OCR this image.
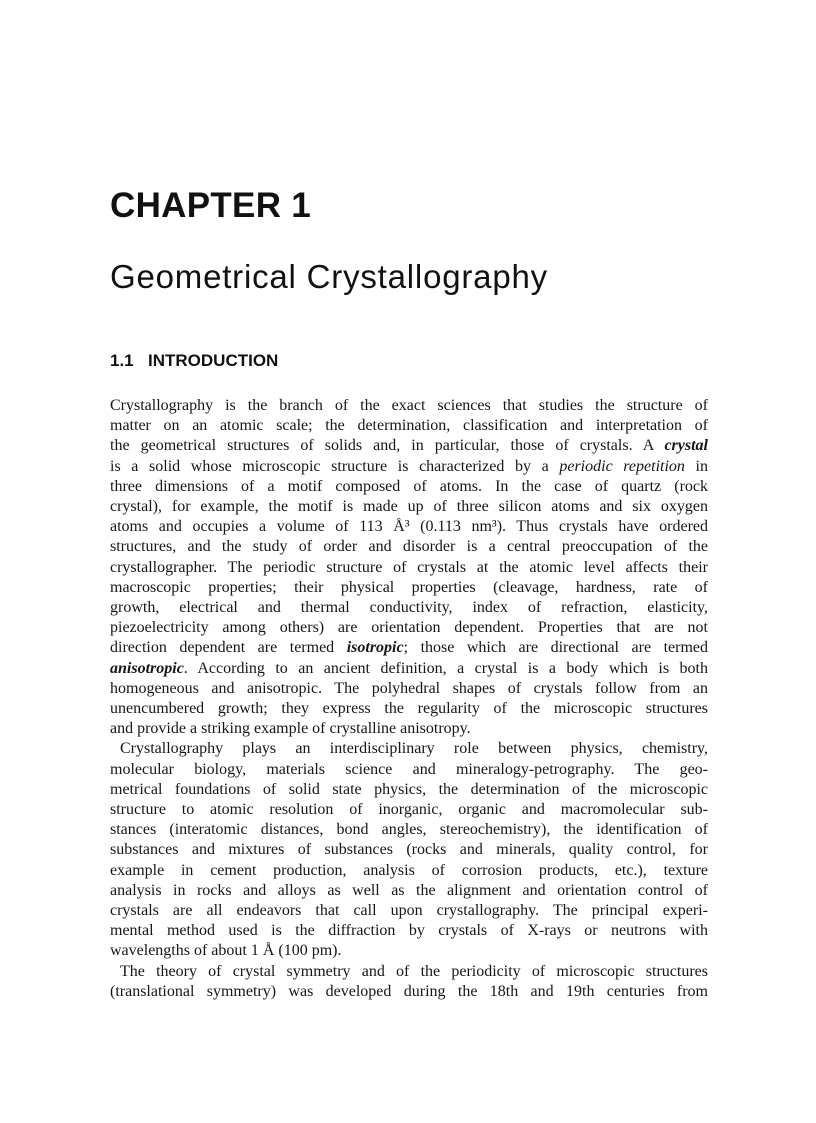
CHAPTER 1
Geometrical Crystallography
1.1 INTRODUCTION

Crystallography is the branch of the exact sciences that studies the structure of
matter on an atomic scale; the determination, classification and interpretation of
the geometrical structures of solids and, in particular, those of crystals. A crystal
is a solid whose microscopic structure is characterized by a periodic repetition in
three dimensions of a motif composed of atoms. In the case of quartz (rock
crystal), for example, the motif is made up of three silicon atoms and six oxygen
atoms and occupies a volume of 113 Å³ (0.113 nm³). Thus crystals have ordered
structures, and the study of order and disorder is a central preoccupation of the
crystallographer. The periodic structure of crystals at the atomic level affects their
macroscopic properties; their physical properties (cleavage, hardness, rate of
growth, electrical and thermal conductivity, index of refraction, elasticity,
piezoelectricity among others) are orientation dependent. Properties that are not
direction dependent are termed isotropic; those which are directional are termed
anisotropic. According to an ancient definition, a crystal is a body which is both
homogeneous and anisotropic. The polyhedral shapes of crystals follow from an
unencumbered growth; they express the regularity of the microscopic structures
and provide a striking example of crystalline anisotropy.

Crystallography plays an interdisciplinary role between physics, chemistry,
molecular biology, materials science and mineralogy-petrography. The geo-
metrical foundations of solid state physics, the determination of the microscopic
structure to atomic resolution of inorganic, organic and macromolecular sub-
stances (interatomic distances, bond angles, stereochemistry), the identification of
substances and mixtures of substances (rocks and minerals, quality control, for
example in cement production, analysis of corrosion products, etc.), texture
analysis in rocks and alloys as well as the alignment and orientation control of
crystals are all endeavors that call upon crystallography. The principal experi-
mental method used is the diffraction by crystals of X-rays or neutrons with
wavelengths of about 1 Å (100 pm).

The theory of crystal symmetry and of the periodicity of microscopic structures
(translational symmetry) was developed during the 18th and 19th centuries from
